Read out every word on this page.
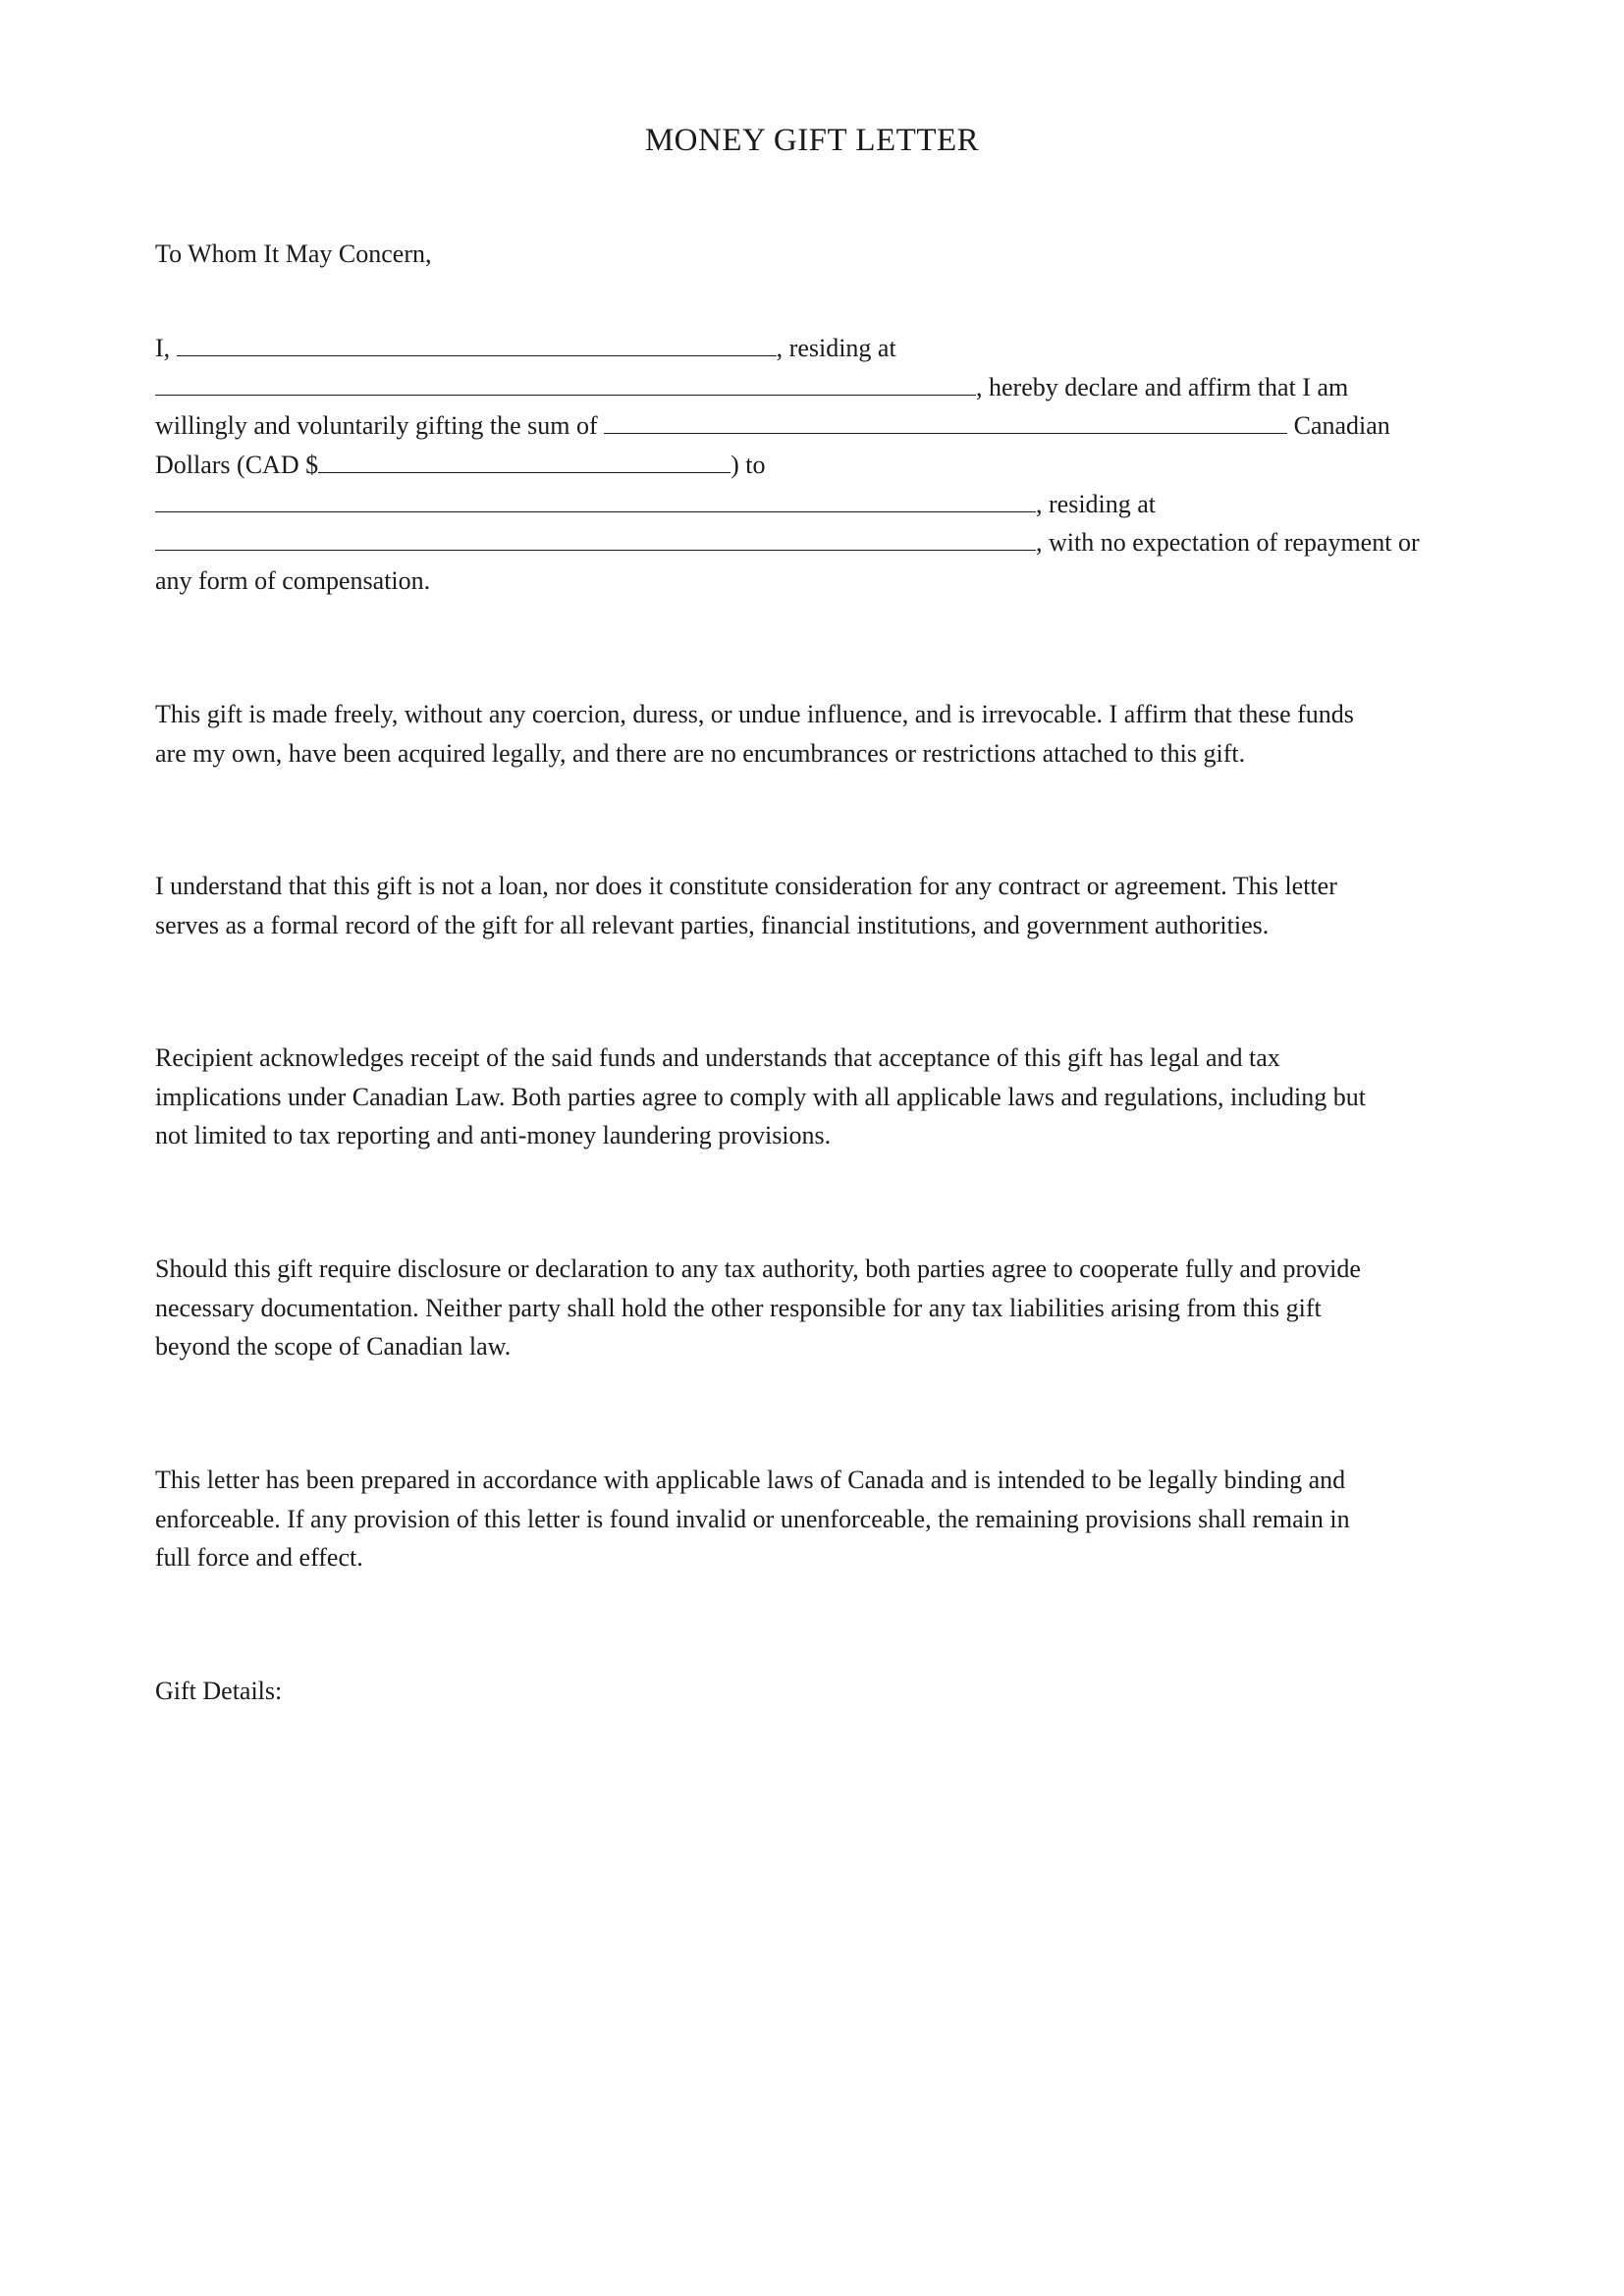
MONEY GIFT LETTER
To Whom It May Concern,
I,	, residing at
, hereby declare and affirm that I am
willingly and voluntarily gifting the sum of	Canadian
Dollars (CAD $	) to
, residing at
, with no expectation of repayment or
any form of compensation.
This gift is made freely, without any coercion, duress, or undue influence, and is irrevocable. I affirm that these funds
are my own, have been acquired legally, and there are no encumbrances or restrictions attached to this gift.
I understand that this gift is not a loan, nor does it constitute consideration for any contract or agreement. This letter
serves as a formal record of the gift for all relevant parties, financial institutions, and government authorities.
Recipient acknowledges receipt of the said funds and understands that acceptance of this gift has legal and tax
implications under Canadian Law. Both parties agree to comply with all applicable laws and regulations, including but
not limited to tax reporting and anti-money laundering provisions.
Should this gift require disclosure or declaration to any tax authority, both parties agree to cooperate fully and provide
necessary documentation. Neither party shall hold the other responsible for any tax liabilities arising from this gift
beyond the scope of Canadian law.
This letter has been prepared in accordance with applicable laws of Canada and is intended to be legally binding and
enforceable. If any provision of this letter is found invalid or unenforceable, the remaining provisions shall remain in
full force and effect.
Gift Details:
